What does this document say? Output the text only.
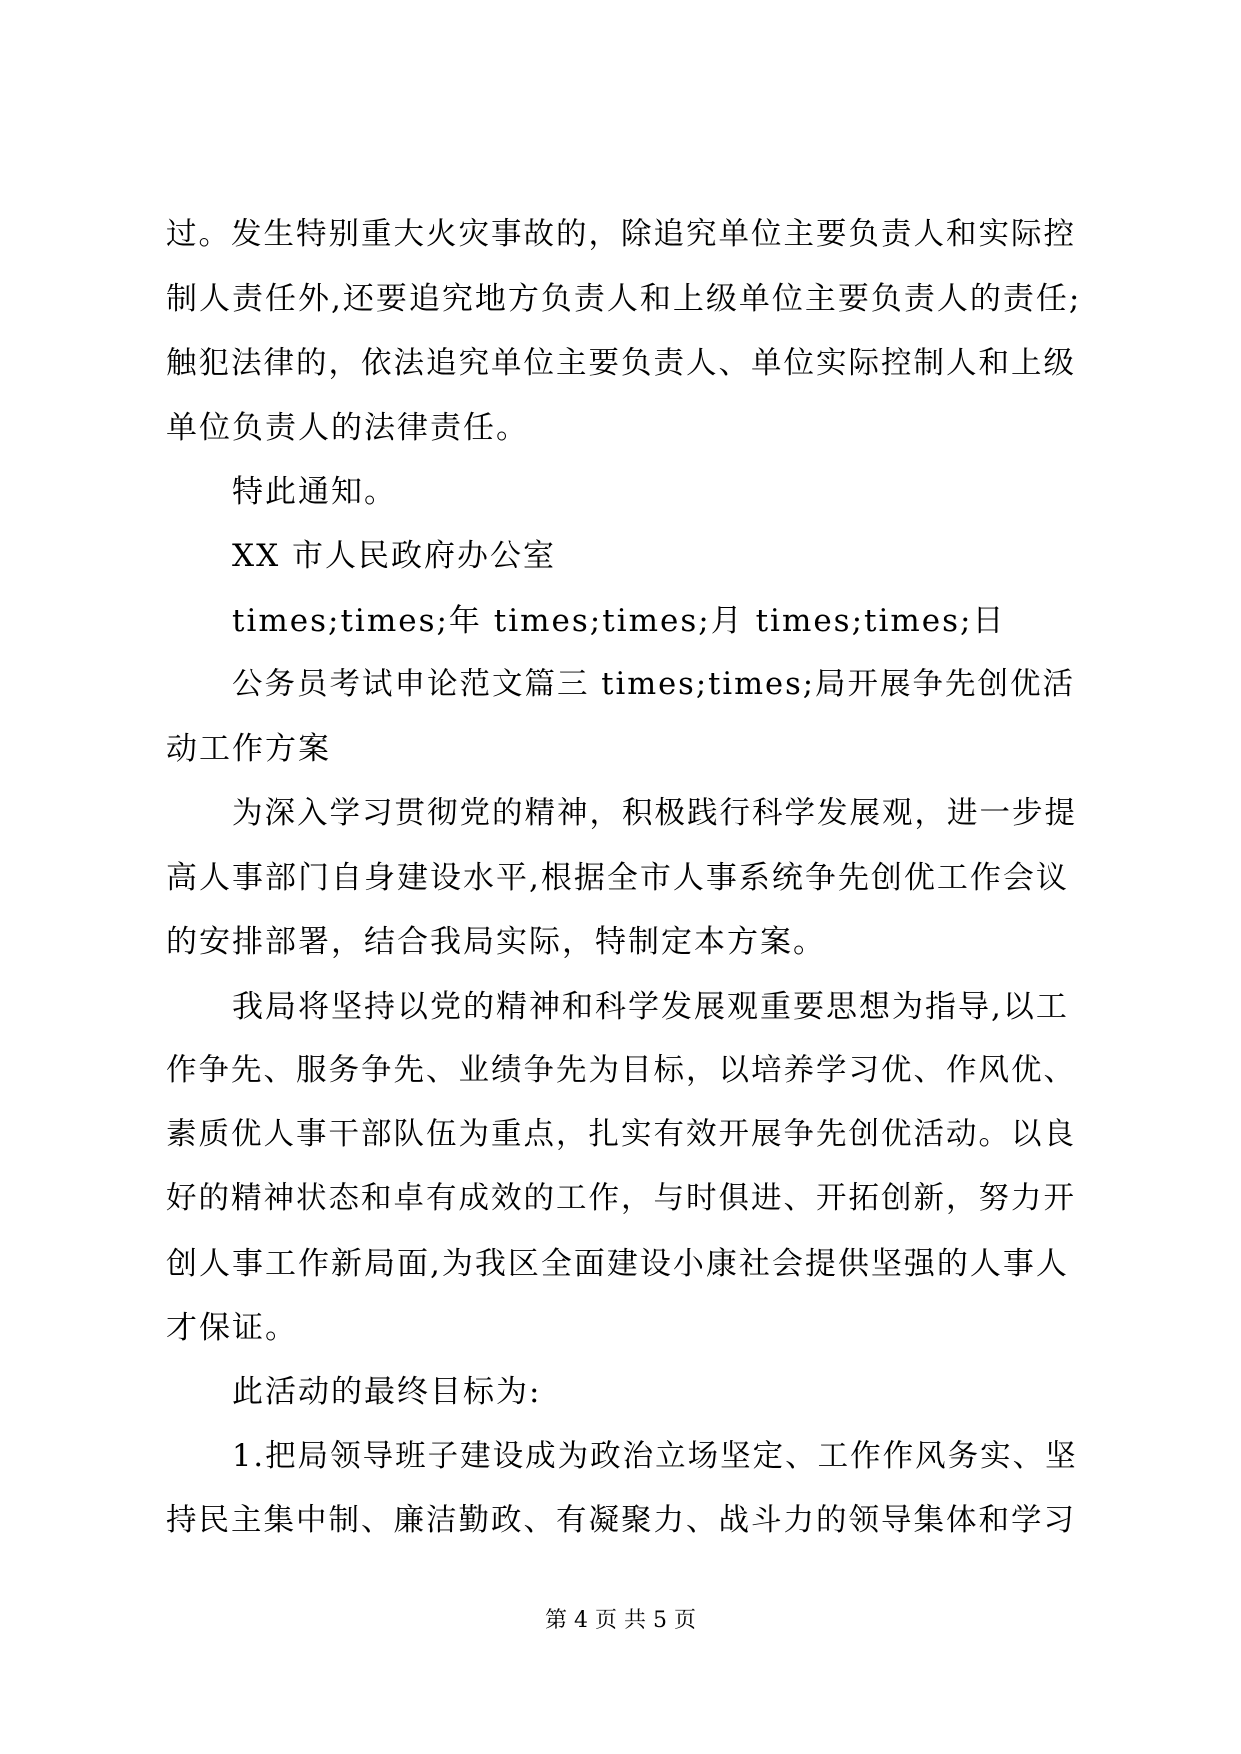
过。发生特别重大火灾事故的，除追究单位主要负责人和实际控
制人责任外,还要追究地方负责人和上级单位主要负责人的责任;
触犯法律的，依法追究单位主要负责人、单位实际控制人和上级
单位负责人的法律责任。
特此通知。
XX 市人民政府办公室
times;times;年 times;times;月 times;times;日
公务员考试申论范文篇三 times;times;局开展争先创优活
动工作方案
为深入学习贯彻党的精神，积极践行科学发展观，进一步提
高人事部门自身建设水平,根据全市人事系统争先创优工作会议
的安排部署，结合我局实际，特制定本方案。
我局将坚持以党的精神和科学发展观重要思想为指导,以工
作争先、服务争先、业绩争先为目标，以培养学习优、作风优、
素质优人事干部队伍为重点，扎实有效开展争先创优活动。以良
好的精神状态和卓有成效的工作，与时俱进、开拓创新，努力开
创人事工作新局面,为我区全面建设小康社会提供坚强的人事人
才保证。
此活动的最终目标为:
1.把局领导班子建设成为政治立场坚定、工作作风务实、坚
持民主集中制、廉洁勤政、有凝聚力、战斗力的领导集体和学习
第 4 页 共 5 页
